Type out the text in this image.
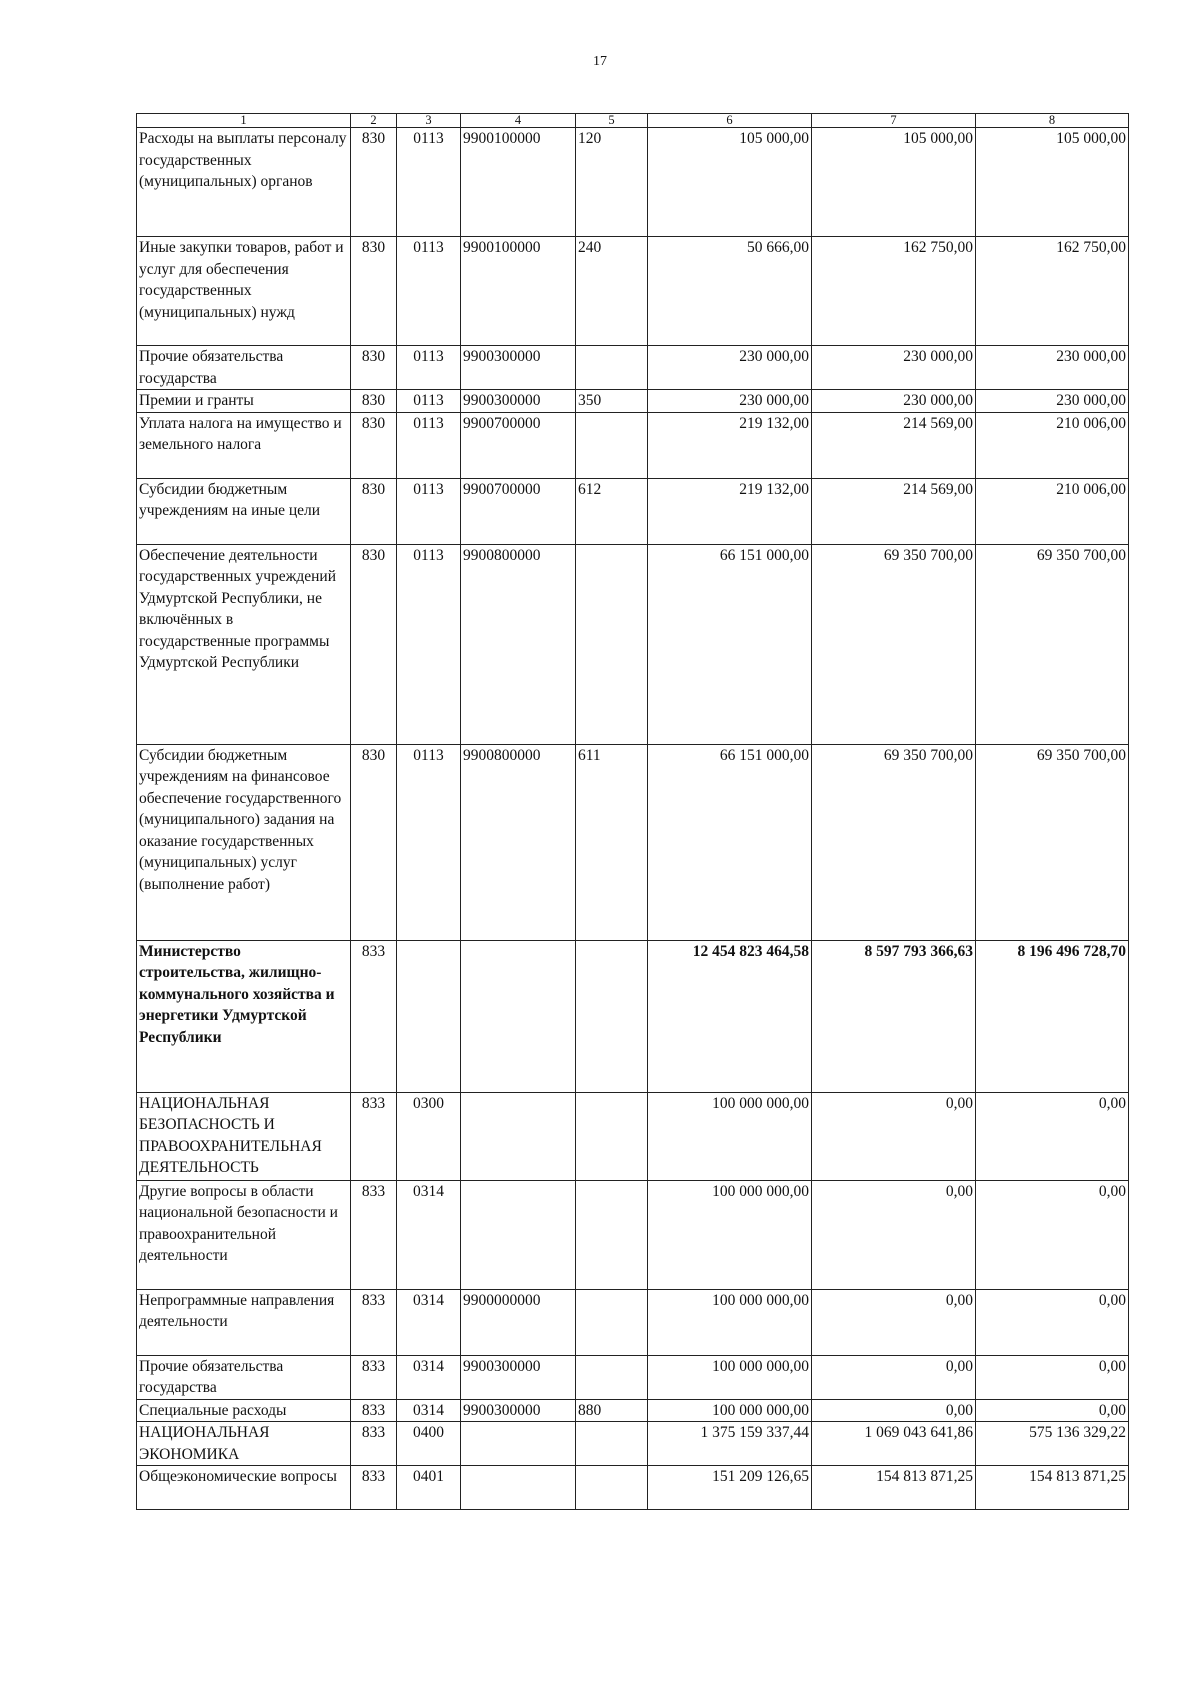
17
1	2	3	4	5	6	7	8
Расходы на выплаты персоналу государственных (муниципальных) органов	830	0113	9900100000	120	105 000,00	105 000,00	105 000,00
Иные закупки товаров, работ и услуг для обеспечения государственных (муниципальных) нужд	830	0113	9900100000	240	50 666,00	162 750,00	162 750,00
Прочие обязательства государства	830	0113	9900300000		230 000,00	230 000,00	230 000,00
Премии и гранты	830	0113	9900300000	350	230 000,00	230 000,00	230 000,00
Уплата налога на имущество и земельного налога	830	0113	9900700000		219 132,00	214 569,00	210 006,00
Субсидии бюджетным учреждениям на иные цели	830	0113	9900700000	612	219 132,00	214 569,00	210 006,00
Обеспечение деятельности государственных учреждений Удмуртской Республики, не включённых в государственные программы Удмуртской Республики	830	0113	9900800000		66 151 000,00	69 350 700,00	69 350 700,00
Субсидии бюджетным учреждениям на финансовое обеспечение государственного (муниципального) задания на оказание государственных (муниципальных) услуг (выполнение работ)	830	0113	9900800000	611	66 151 000,00	69 350 700,00	69 350 700,00
Министерство строительства, жилищно-коммунального хозяйства и энергетики Удмуртской Республики	833				12 454 823 464,58	8 597 793 366,63	8 196 496 728,70
НАЦИОНАЛЬНАЯ БЕЗОПАСНОСТЬ И ПРАВООХРАНИТЕЛЬНАЯ ДЕЯТЕЛЬНОСТЬ	833	0300			100 000 000,00	0,00	0,00
Другие вопросы в области национальной безопасности и правоохранительной деятельности	833	0314			100 000 000,00	0,00	0,00
Непрограммные направления деятельности	833	0314	9900000000		100 000 000,00	0,00	0,00
Прочие обязательства государства	833	0314	9900300000		100 000 000,00	0,00	0,00
Специальные расходы	833	0314	9900300000	880	100 000 000,00	0,00	0,00
НАЦИОНАЛЬНАЯ ЭКОНОМИКА	833	0400			1 375 159 337,44	1 069 043 641,86	575 136 329,22
Общеэкономические вопросы	833	0401			151 209 126,65	154 813 871,25	154 813 871,25
